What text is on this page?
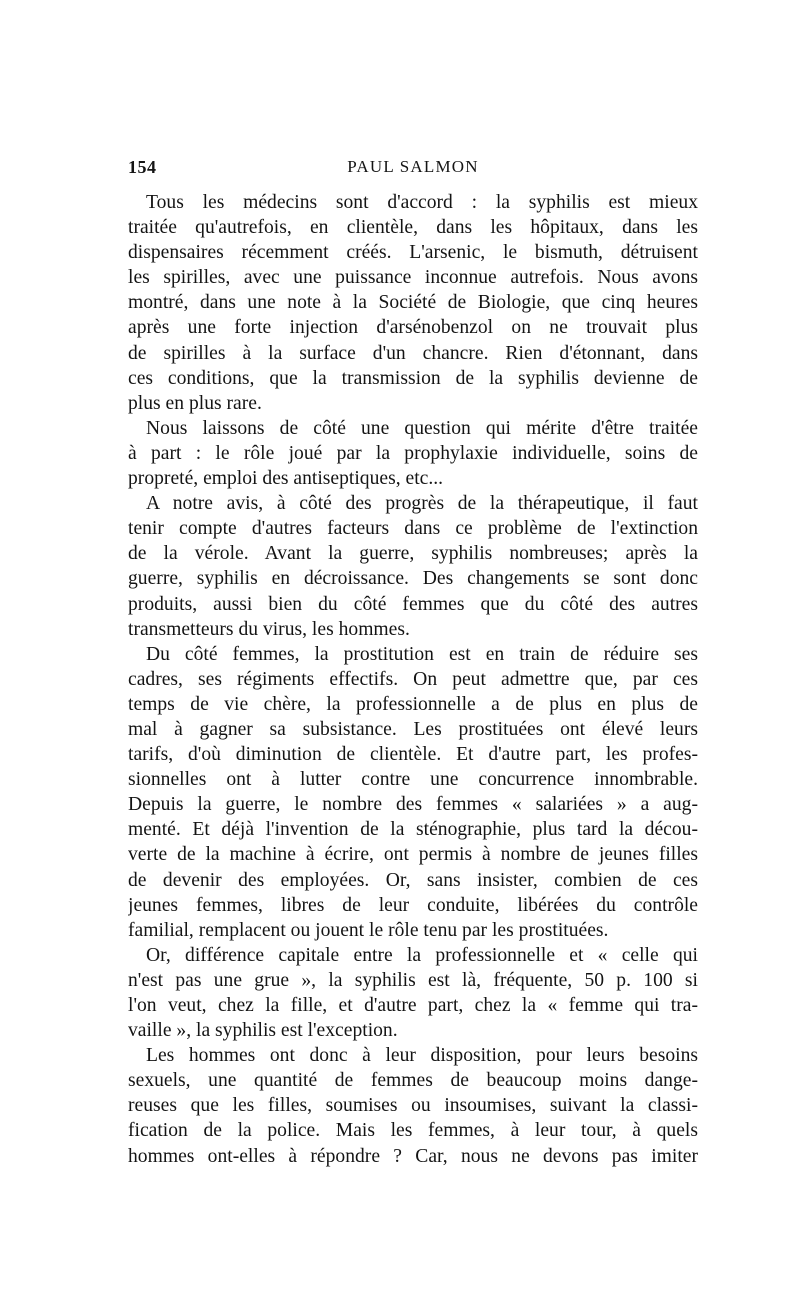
154	PAUL SALMON
Tous les médecins sont d'accord : la syphilis est mieux
traitée qu'autrefois, en clientèle, dans les hôpitaux, dans les
dispensaires récemment créés. L'arsenic, le bismuth, détruisent
les spirilles, avec une puissance inconnue autrefois. Nous avons
montré, dans une note à la Société de Biologie, que cinq heures
après une forte injection d'arsénobenzol on ne trouvait plus
de spirilles à la surface d'un chancre. Rien d'étonnant, dans
ces conditions, que la transmission de la syphilis devienne de
plus en plus rare.
Nous laissons de côté une question qui mérite d'être traitée
à part : le rôle joué par la prophylaxie individuelle, soins de
propreté, emploi des antiseptiques, etc...
A notre avis, à côté des progrès de la thérapeutique, il faut
tenir compte d'autres facteurs dans ce problème de l'extinction
de la vérole. Avant la guerre, syphilis nombreuses; après la
guerre, syphilis en décroissance. Des changements se sont donc
produits, aussi bien du côté femmes que du côté des autres
transmetteurs du virus, les hommes.
Du côté femmes, la prostitution est en train de réduire ses
cadres, ses régiments effectifs. On peut admettre que, par ces
temps de vie chère, la professionnelle a de plus en plus de
mal à gagner sa subsistance. Les prostituées ont élevé leurs
tarifs, d'où diminution de clientèle. Et d'autre part, les profes-
sionnelles ont à lutter contre une concurrence innombrable.
Depuis la guerre, le nombre des femmes « salariées » a aug-
menté. Et déjà l'invention de la sténographie, plus tard la décou-
verte de la machine à écrire, ont permis à nombre de jeunes filles
de devenir des employées. Or, sans insister, combien de ces
jeunes femmes, libres de leur conduite, libérées du contrôle
familial, remplacent ou jouent le rôle tenu par les prostituées.
Or, différence capitale entre la professionnelle et « celle qui
n'est pas une grue », la syphilis est là, fréquente, 50 p. 100 si
l'on veut, chez la fille, et d'autre part, chez la « femme qui tra-
vaille », la syphilis est l'exception.
Les hommes ont donc à leur disposition, pour leurs besoins
sexuels, une quantité de femmes de beaucoup moins dange-
reuses que les filles, soumises ou insoumises, suivant la classi-
fication de la police. Mais les femmes, à leur tour, à quels
hommes ont-elles à répondre ? Car, nous ne devons pas imiter
